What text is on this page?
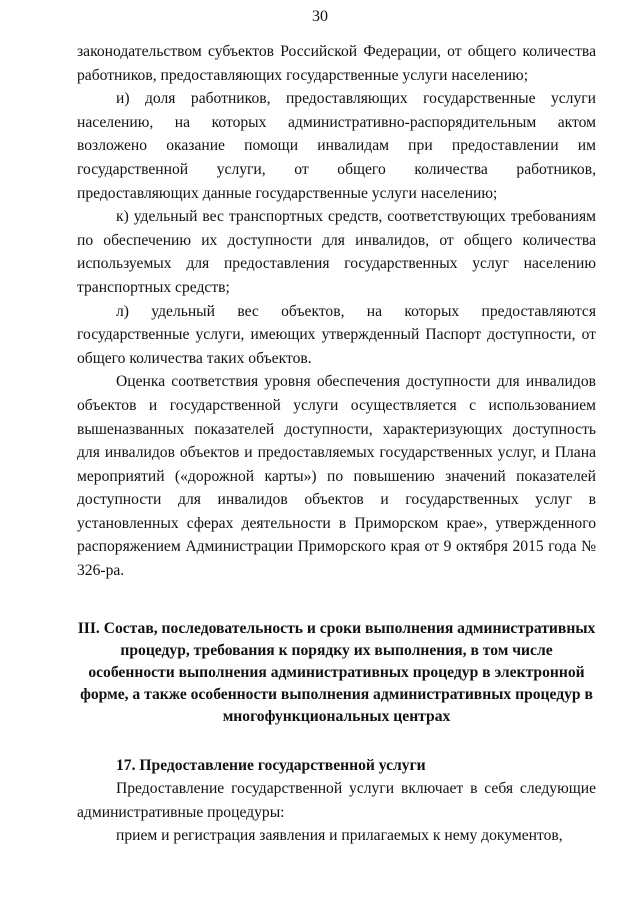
30

законодательством субъектов Российской Федерации, от общего количества работников, предоставляющих государственные услуги населению;

и) доля работников, предоставляющих государственные услуги населению, на которых административно-распорядительным актом возложено оказание помощи инвалидам при предоставлении им государственной услуги, от общего количества работников, предоставляющих данные государственные услуги населению;

к) удельный вес транспортных средств, соответствующих требованиям по обеспечению их доступности для инвалидов, от общего количества используемых для предоставления государственных услуг населению транспортных средств;

л) удельный вес объектов, на которых предоставляются государственные услуги, имеющих утвержденный Паспорт доступности, от общего количества таких объектов.

Оценка соответствия уровня обеспечения доступности для инвалидов объектов и государственной услуги осуществляется с использованием вышеназванных показателей доступности, характеризующих доступность для инвалидов объектов и предоставляемых государственных услуг, и Плана мероприятий («дорожной карты») по повышению значений показателей доступности для инвалидов объектов и государственных услуг в установленных сферах деятельности в Приморском крае», утвержденного распоряжением Администрации Приморского края от 9 октября 2015 года № 326-ра.

III. Состав, последовательность и сроки выполнения административных процедур, требования к порядку их выполнения, в том числе особенности выполнения административных процедур в электронной форме, а также особенности выполнения административных процедур в многофункциональных центрах
17. Предоставление государственной услуги

Предоставление государственной услуги включает в себя следующие административные процедуры:

прием и регистрация заявления и прилагаемых к нему документов,
